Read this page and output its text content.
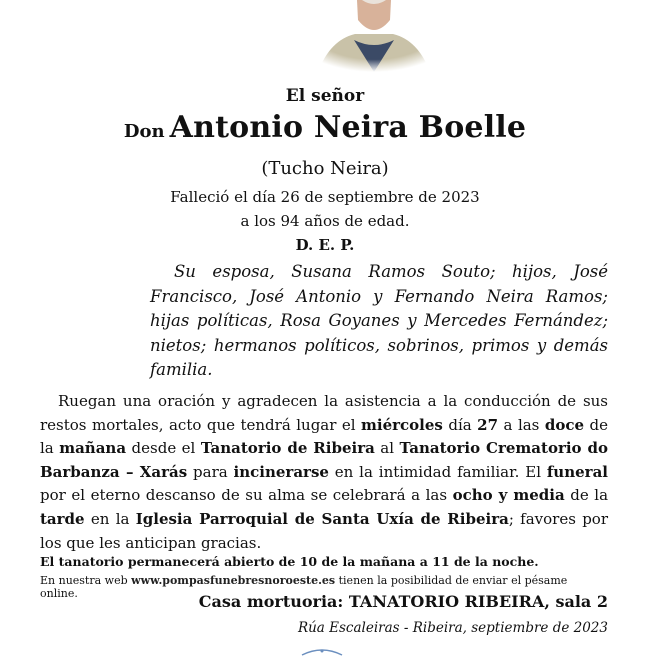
El señor
Don Antonio Neira Boelle
(Tucho Neira)
Falleció el día 26 de septiembre de 2023
a los 94 años de edad.
D. E. P.
Su esposa, Susana Ramos Souto; hijos, José Francisco, José Antonio y Fernando Neira Ramos; hijas políticas, Rosa Goyanes y Mercedes Fernández; nietos; hermanos políticos, sobrinos, primos y demás familia.
Ruegan una oración y agradecen la asistencia a la conducción de sus restos mortales, acto que tendrá lugar el miércoles día 27 a las doce de la mañana desde el Tanatorio de Ribeira al Tanatorio Crematorio do Barbanza – Xarás para incinerarse en la intimidad familiar. El funeral por el eterno descanso de su alma se celebrará a las ocho y media de la tarde en la Iglesia Parroquial de Santa Uxía de Ribeira; favores por los que les anticipan gracias.
El tanatorio permanecerá abierto de 10 de la mañana a 11 de la noche.
En nuestra web www.pompasfunebresnoroeste.es tienen la posibilidad de enviar el pésame online.	Casa mortuoria: TANATORIO RIBEIRA, sala 2
Rúa Escaleiras - Ribeira, septiembre de 2023
